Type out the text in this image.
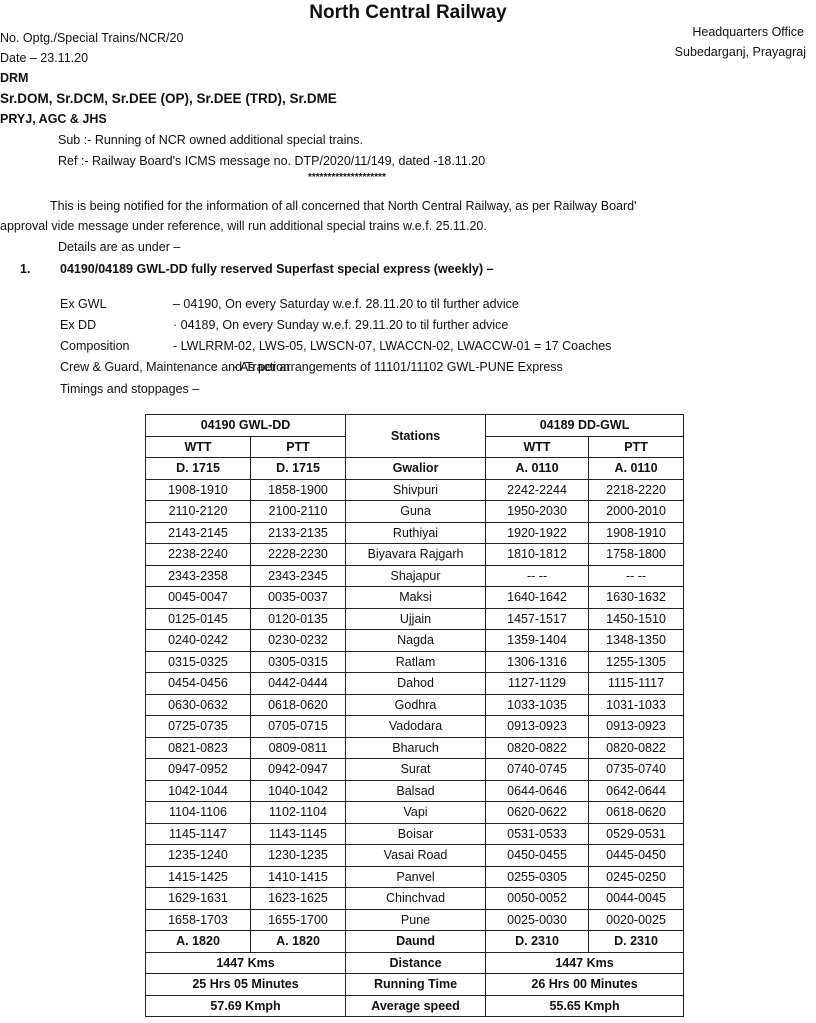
North Central Railway
No. Optg./Special Trains/NCR/20
Date – 23.11.20
Headquarters Office
Subedarganj, Prayagraj
DRM
Sr.DOM, Sr.DCM, Sr.DEE (OP), Sr.DEE (TRD), Sr.DME
PRYJ, AGC & JHS
Sub :- Running of NCR owned additional special trains.
Ref :- Railway Board's ICMS message no. DTP/2020/11/149, dated -18.11.20
********************
This is being notified for the information of all concerned that North Central Railway, as per Railway Board'
approval vide message under reference, will run additional special trains w.e.f. 25.11.20.
Details are as under –
1. 04190/04189 GWL-DD fully reserved Superfast special express (weekly) –
Ex GWL	– 04190, On every Saturday w.e.f. 28.11.20 to til further advice
Ex DD	· 04189, On every Sunday w.e.f. 29.11.20 to til further advice
Composition	- LWLRRM-02, LWS-05, LWSCN-07, LWACCN-02, LWACCW-01 = 17 Coaches
Crew & Guard, Maintenance and Traction
· As per arrangements of 11101/11102 GWL-PUNE Express
Timings and stoppages –
04190 GWL-DD		Stations	04189 DD-GWL	
WTT	PTT		WTT	PTT
D. 1715	D. 1715	Gwalior	A. 0110	A. 0110
1908-1910	1858-1900	Shivpuri	2242-2244	2218-2220
2110-2120	2100-2110	Guna	1950-2030	2000-2010
2143-2145	2133-2135	Ruthiyai	1920-1922	1908-1910
2238-2240	2228-2230	Biyavara Rajgarh	1810-1812	1758-1800
2343-2358	2343-2345	Shajapur	-- --	-- --
0045-0047	0035-0037	Maksi	1640-1642	1630-1632
0125-0145	0120-0135	Ujjain	1457-1517	1450-1510
0240-0242	0230-0232	Nagda	1359-1404	1348-1350
0315-0325	0305-0315	Ratlam	1306-1316	1255-1305
0454-0456	0442-0444	Dahod	1127-1129	1115-1117
0630-0632	0618-0620	Godhra	1033-1035	1031-1033
0725-0735	0705-0715	Vadodara	0913-0923	0913-0923
0821-0823	0809-0811	Bharuch	0820-0822	0820-0822
0947-0952	0942-0947	Surat	0740-0745	0735-0740
1042-1044	1040-1042	Balsad	0644-0646	0642-0644
1104-1106	1102-1104	Vapi	0620-0622	0618-0620
1145-1147	1143-1145	Boisar	0531-0533	0529-0531
1235-1240	1230-1235	Vasai Road	0450-0455	0445-0450
1415-1425	1410-1415	Panvel	0255-0305	0245-0250
1629-1631	1623-1625	Chinchvad	0050-0052	0044-0045
1658-1703	1655-1700	Pune	0025-0030	0020-0025
A. 1820	A. 1820	Daund	D. 2310	D. 2310
1447 Kms		Distance	1447 Kms	
25 Hrs 05 Minutes		Running Time	26 Hrs 00 Minutes	
57.69 Kmph		Average speed	55.65 Kmph	
